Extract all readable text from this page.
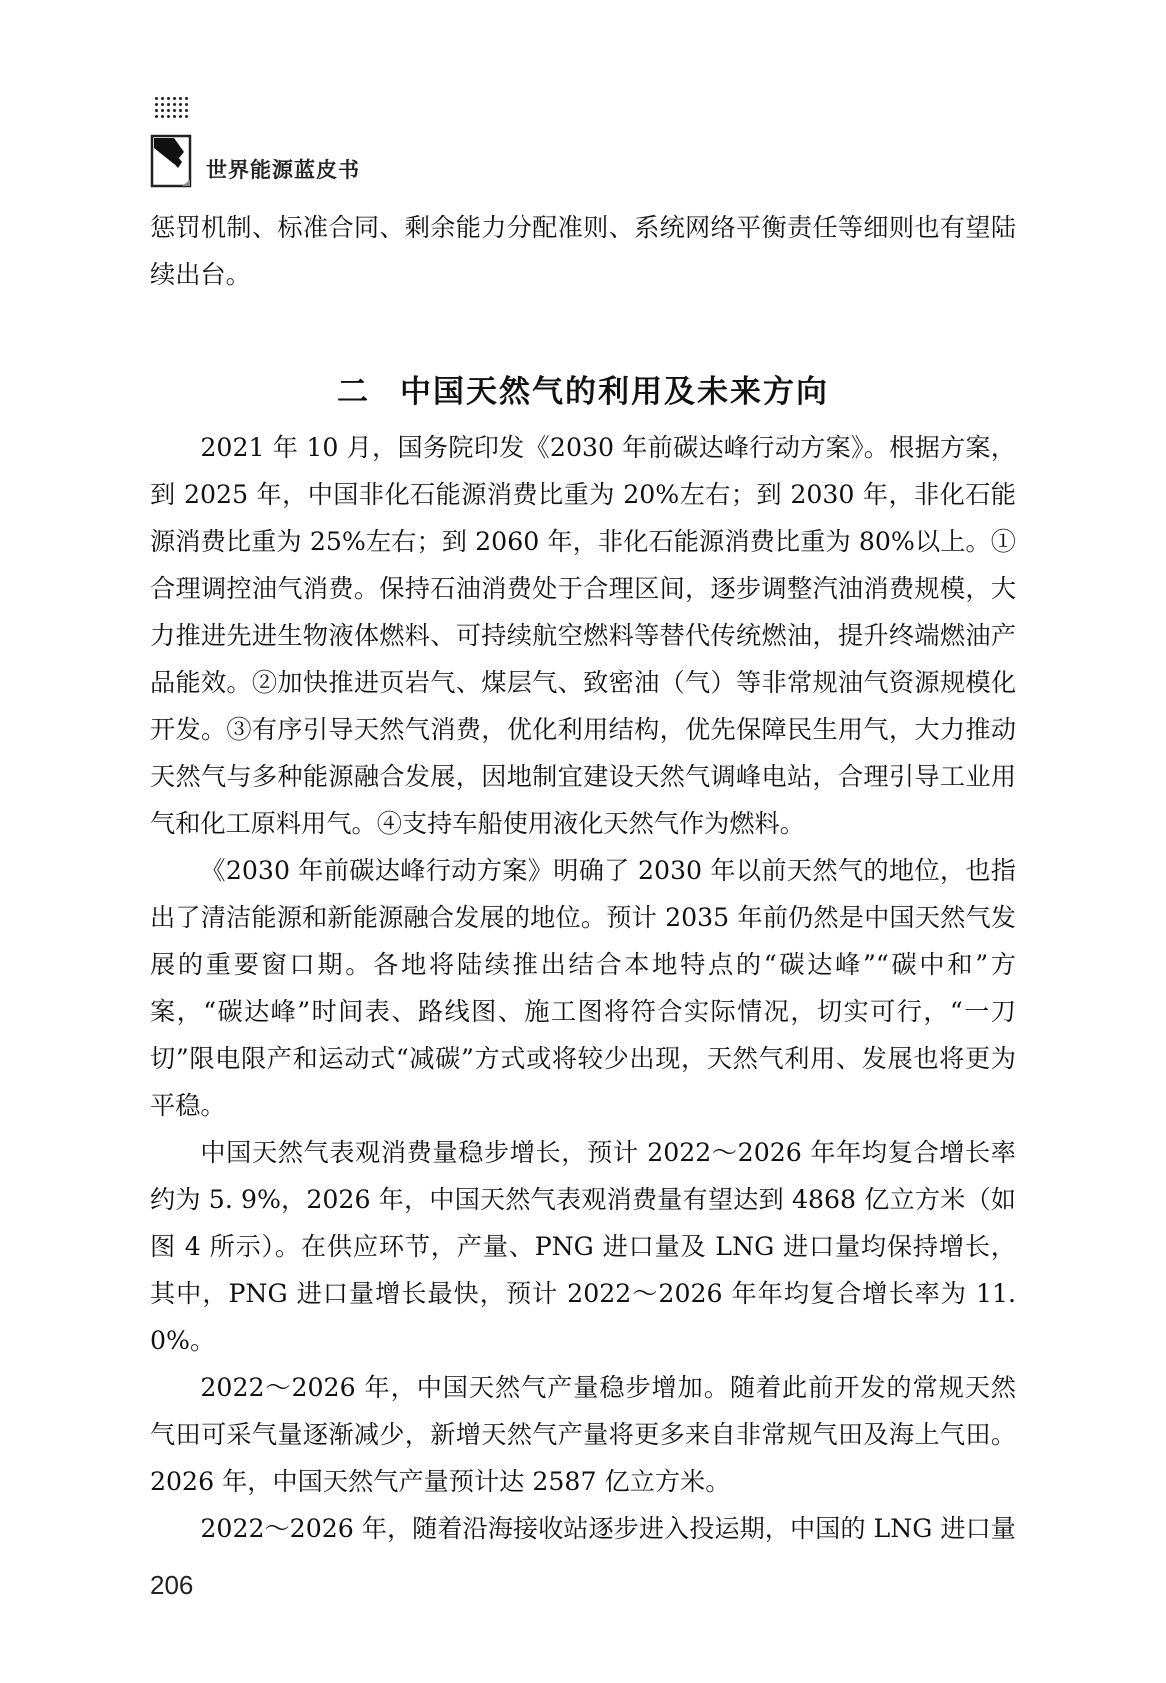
世界能源蓝皮书

惩罚机制、标准合同、剩余能力分配准则、系统网络平衡责任等细则也有望陆续出台。

二 中国天然气的利用及未来方向

2021 年 10 月，国务院印发《2030 年前碳达峰行动方案》。根据方案，到 2025 年，中国非化石能源消费比重为 20%左右；到 2030 年，非化石能源消费比重为 25%左右；到 2060 年，非化石能源消费比重为 80%以上。①合理调控油气消费。保持石油消费处于合理区间，逐步调整汽油消费规模，大力推进先进生物液体燃料、可持续航空燃料等替代传统燃油，提升终端燃油产品能效。②加快推进页岩气、煤层气、致密油（气）等非常规油气资源规模化开发。③有序引导天然气消费，优化利用结构，优先保障民生用气，大力推动天然气与多种能源融合发展，因地制宜建设天然气调峰电站，合理引导工业用气和化工原料用气。④支持车船使用液化天然气作为燃料。

《2030 年前碳达峰行动方案》明确了 2030 年以前天然气的地位，也指出了清洁能源和新能源融合发展的地位。预计 2035 年前仍然是中国天然气发展的重要窗口期。各地将陆续推出结合本地特点的“碳达峰”“碳中和”方案，“碳达峰”时间表、路线图、施工图将符合实际情况，切实可行，“一刀切”限电限产和运动式“减碳”方式或将较少出现，天然气利用、发展也将更为平稳。

中国天然气表观消费量稳步增长，预计 2022～2026 年年均复合增长率约为 5. 9%，2026 年，中国天然气表观消费量有望达到 4868 亿立方米（如图 4 所示）。在供应环节，产量、PNG 进口量及 LNG 进口量均保持增长，其中，PNG 进口量增长最快，预计 2022～2026 年年均复合增长率为 11. 0%。

2022～2026 年，中国天然气产量稳步增加。随着此前开发的常规天然气田可采气量逐渐减少，新增天然气产量将更多来自非常规气田及海上气田。2026 年，中国天然气产量预计达 2587 亿立方米。

2022～2026 年，随着沿海接收站逐步进入投运期，中国的 LNG 进口量

206
